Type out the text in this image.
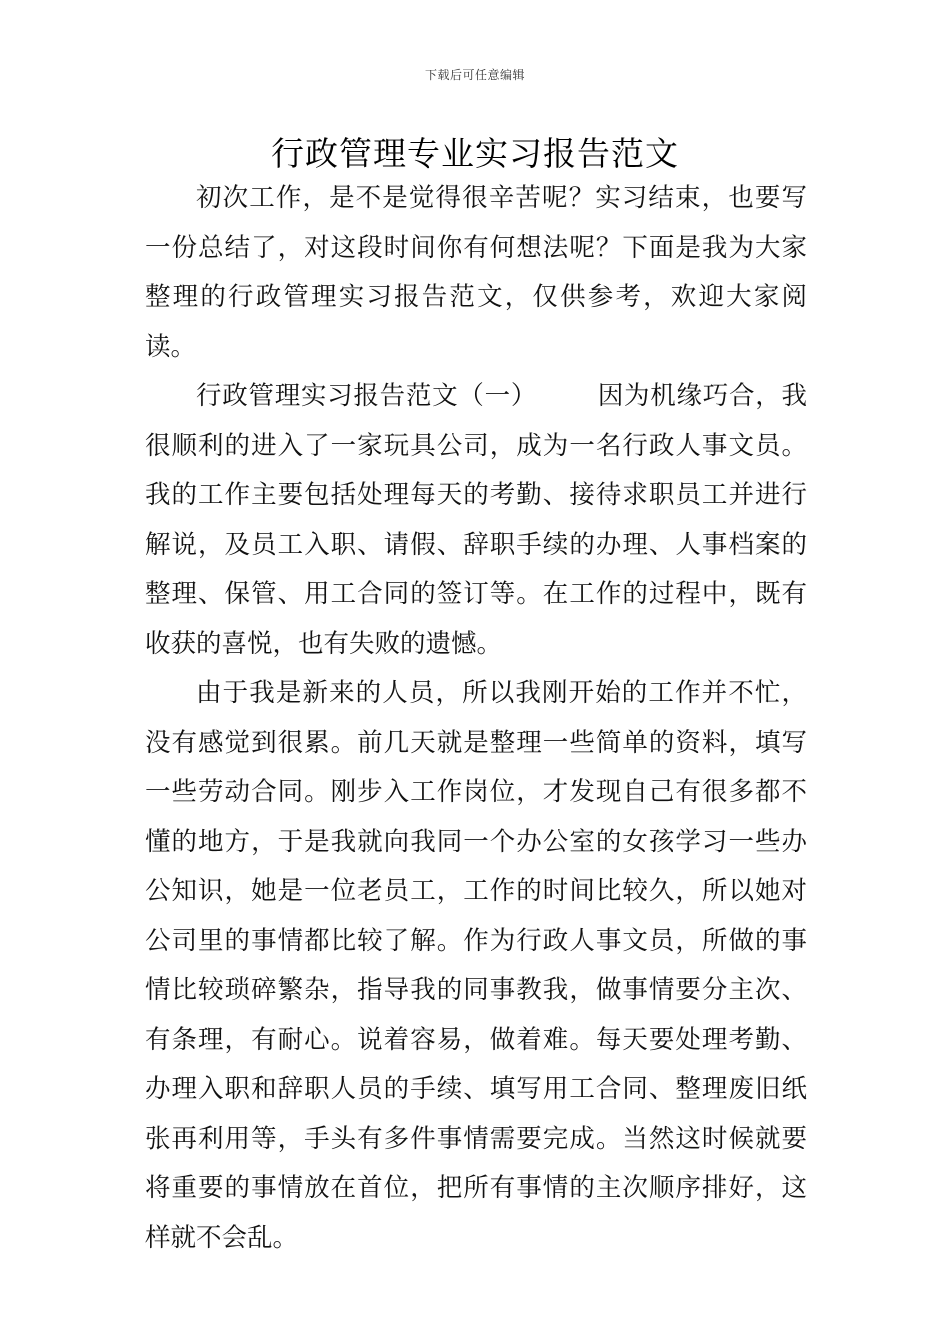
下载后可任意编辑
行政管理专业实习报告范文

初次工作，是不是觉得很辛苦呢？实习结束，也要写一份总结了，对这段时间你有何想法呢？下面是我为大家整理的行政管理实习报告范文，仅供参考，欢迎大家阅读。

行政管理实习报告范文（一） 因为机缘巧合，我很顺利的进入了一家玩具公司，成为一名行政人事文员。我的工作主要包括处理每天的考勤、接待求职员工并进行解说，及员工入职、请假、辞职手续的办理、人事档案的整理、保管、用工合同的签订等。在工作的过程中，既有收获的喜悦，也有失败的遗憾。

由于我是新来的人员，所以我刚开始的工作并不忙，没有感觉到很累。前几天就是整理一些简单的资料，填写一些劳动合同。刚步入工作岗位，才发现自己有很多都不懂的地方，于是我就向我同一个办公室的女孩学习一些办公知识，她是一位老员工，工作的时间比较久，所以她对公司里的事情都比较了解。作为行政人事文员，所做的事情比较琐碎繁杂，指导我的同事教我，做事情要分主次、有条理，有耐心。说着容易，做着难。每天要处理考勤、办理入职和辞职人员的手续、填写用工合同、整理废旧纸张再利用等，手头有多件事情需要完成。当然这时候就要将重要的事情放在首位，把所有事情的主次顺序排好，这样就不会乱。
